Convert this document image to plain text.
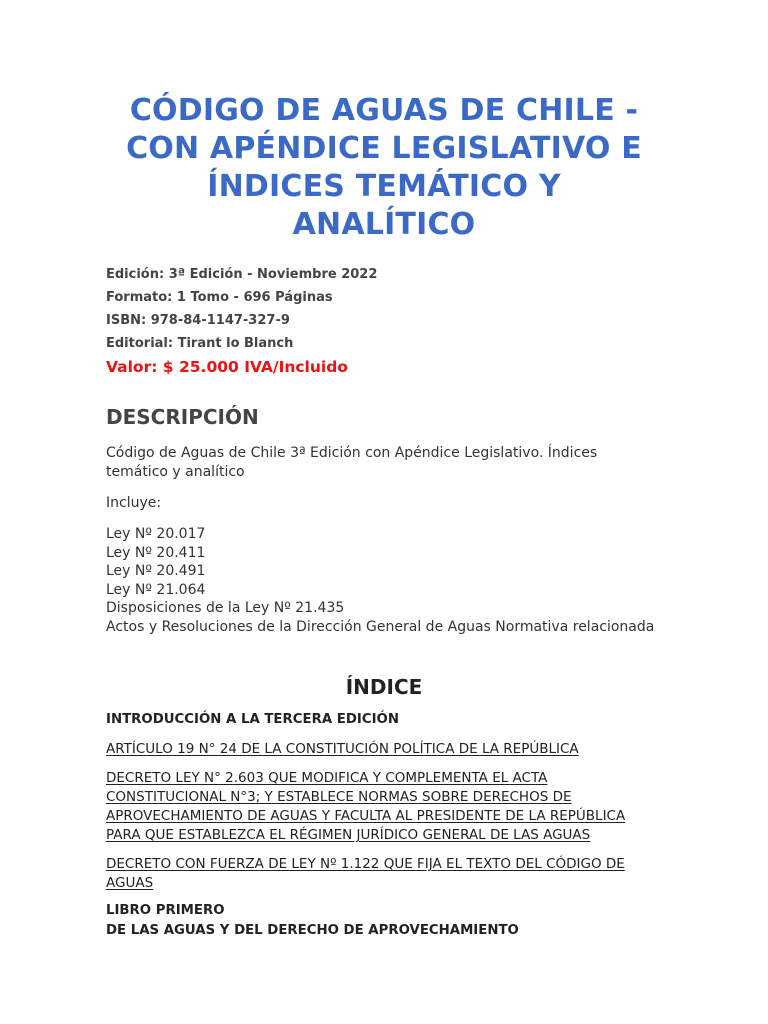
CÓDIGO DE AGUAS DE CHILE -
CON APÉNDICE LEGISLATIVO E
ÍNDICES TEMÁTICO Y
ANALÍTICO
Edición: 3ª Edición - Noviembre 2022
Formato: 1 Tomo - 696 Páginas
ISBN: 978-84-1147-327-9
Editorial: Tirant lo Blanch
Valor: $ 25.000 IVA/Incluido
DESCRIPCIÓN

Código de Aguas de Chile 3ª Edición con Apéndice Legislativo. Índices temático y analítico

Incluye:

Ley Nº 20.017
Ley Nº 20.411
Ley Nº 20.491
Ley Nº 21.064
Disposiciones de la Ley Nº 21.435
Actos y Resoluciones de la Dirección General de Aguas Normativa relacionada
ÍNDICE

INTRODUCCIÓN A LA TERCERA EDICIÓN

ARTÍCULO 19 N° 24 DE LA CONSTITUCIÓN POLÍTICA DE LA REPÚBLICA
DECRETO LEY N° 2.603 QUE MODIFICA Y COMPLEMENTA EL ACTA CONSTITUCIONAL N°3; Y ESTABLECE NORMAS SOBRE DERECHOS DE APROVECHAMIENTO DE AGUAS Y FACULTA AL PRESIDENTE DE LA REPÚBLICA PARA QUE ESTABLEZCA EL RÉGIMEN JURÍDICO GENERAL DE LAS AGUAS
DECRETO CON FUERZA DE LEY Nº 1.122 QUE FIJA EL TEXTO DEL CÓDIGO DE AGUAS

LIBRO PRIMERO

DE LAS AGUAS Y DEL DERECHO DE APROVECHAMIENTO
